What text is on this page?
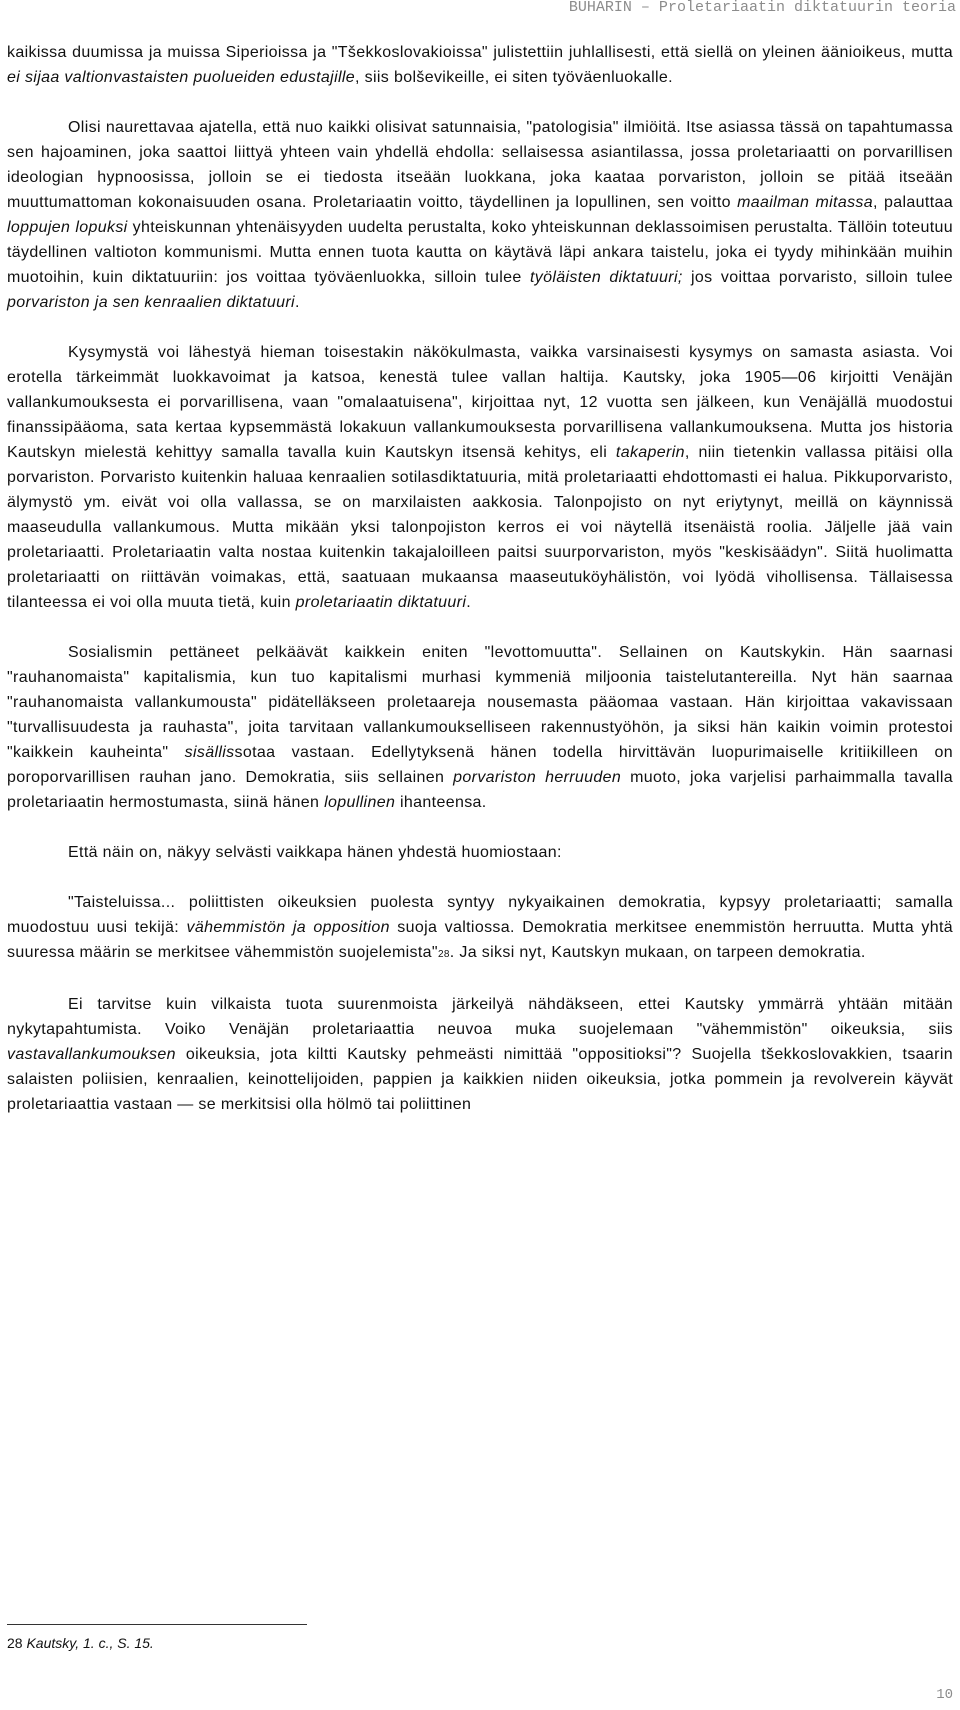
BUHARIN – Proletariaatin diktatuurin teoria

kaikissa duumissa ja muissa Siperioissa ja "Tšekkoslovakioissa" julistettiin juhlallisesti, että siellä on yleinen äänioikeus, mutta ei sijaa valtionvastaisten puolueiden edustajille, siis bolševikeille, ei siten työväenluokalle.

Olisi naurettavaa ajatella, että nuo kaikki olisivat satunnaisia, "patologisia" ilmiöitä. Itse asiassa tässä on tapahtumassa sen hajoaminen, joka saattoi liittyä yhteen vain yhdellä ehdolla: sellaisessa asiantilassa, jossa proletariaatti on porvarillisen ideologian hypnoosissa, jolloin se ei tiedosta itseään luokkana, joka kaataa porvariston, jolloin se pitää itseään muuttumattoman kokonaisuuden osana. Proletariaatin voitto, täydellinen ja lopullinen, sen voitto maailman mitassa, palauttaa loppujen lopuksi yhteiskunnan yhtenäisyyden uudelta perustalta, koko yhteiskunnan deklassoimisen perustalta. Tällöin toteutuu täydellinen valtioton kommunismi. Mutta ennen tuota kautta on käytävä läpi ankara taistelu, joka ei tyydy mihinkään muihin muotoihin, kuin diktatuuriin: jos voittaa työväenluokka, silloin tulee työläisten diktatuuri; jos voittaa porvaristo, silloin tulee porvariston ja sen kenraalien diktatuuri.

Kysymystä voi lähestyä hieman toisestakin näkökulmasta, vaikka varsinaisesti kysymys on samasta asiasta. Voi erotella tärkeimmät luokkavoimat ja katsoa, kenestä tulee vallan haltija. Kautsky, joka 1905—06 kirjoitti Venäjän vallankumouksesta ei porvarillisena, vaan "omalaatuisena", kirjoittaa nyt, 12 vuotta sen jälkeen, kun Venäjällä muodostui finanssipääoma, sata kertaa kypsemmästä lokakuun vallankumouksesta porvarillisena vallankumouksena. Mutta jos historia Kautskyn mielestä kehittyy samalla tavalla kuin Kautskyn itsensä kehitys, eli takaperin, niin tietenkin vallassa pitäisi olla porvariston. Porvaristo kuitenkin haluaa kenraalien sotilasdiktatuuria, mitä proletariaatti ehdottomasti ei halua. Pikkuporvaristo, älymystö ym. eivät voi olla vallassa, se on marxilaisten aakkosia. Talonpojisto on nyt eriytynyt, meillä on käynnissä maaseudulla vallankumous. Mutta mikään yksi talonpojiston kerros ei voi näytellä itsenäistä roolia. Jäljelle jää vain proletariaatti. Proletariaatin valta nostaa kuitenkin takajaloilleen paitsi suurporvariston, myös "keskisäädyn". Siitä huolimatta proletariaatti on riittävän voimakas, että, saatuaan mukaansa maaseutuköyhälistön, voi lyödä vihollisensa. Tällaisessa tilanteessa ei voi olla muuta tietä, kuin proletariaatin diktatuuri.

Sosialismin pettäneet pelkäävät kaikkein eniten "levottomuutta". Sellainen on Kautskykin. Hän saarnasi "rauhanomaista" kapitalismia, kun tuo kapitalismi murhasi kymmeniä miljoonia taistelutantereilla. Nyt hän saarnaa "rauhanomaista vallankumousta" pidätelläkseen proletaareja nousemasta pääomaa vastaan. Hän kirjoittaa vakavissaan "turvallisuudesta ja rauhasta", joita tarvitaan vallankumoukselliseen rakennustyöhön, ja siksi hän kaikin voimin protestoi "kaikkein kauheinta" sisällissotaa vastaan. Edellytyksenä hänen todella hirvittävän luopurimaiselle kritiikilleen on poroporvarillisen rauhan jano. Demokratia, siis sellainen porvariston herruuden muoto, joka varjelisi parhaimmalla tavalla proletariaatin hermostumasta, siinä hänen lopullinen ihanteensa.

Että näin on, näkyy selvästi vaikkapa hänen yhdestä huomiostaan:

"Taisteluissa... poliittisten oikeuksien puolesta syntyy nykyaikainen demokratia, kypsyy proletariaatti; samalla muodostuu uusi tekijä: vähemmistön ja opposition suoja valtiossa. Demokratia merkitsee enemmistön herruutta. Mutta yhtä suuressa määrin se merkitsee vähemmistön suojelemista"28. Ja siksi nyt, Kautskyn mukaan, on tarpeen demokratia.

Ei tarvitse kuin vilkaista tuota suurenmoista järkeilyä nähdäkseen, ettei Kautsky ymmärrä yhtään mitään nykytapahtumista. Voiko Venäjän proletariaattia neuvoa muka suojelemaan "vähemmistön" oikeuksia, siis vastavallankumouksen oikeuksia, jota kiltti Kautsky pehmeästi nimittää "oppositioksi"? Suojella tšekkoslovakkien, tsaarin salaisten poliisien, kenraalien, keinottelijoiden, pappien ja kaikkien niiden oikeuksia, jotka pommein ja revolverein käyvät proletariaattia vastaan — se merkitsisi olla hölmö tai poliittinen

28 Kautsky, 1. c., S. 15.
10
